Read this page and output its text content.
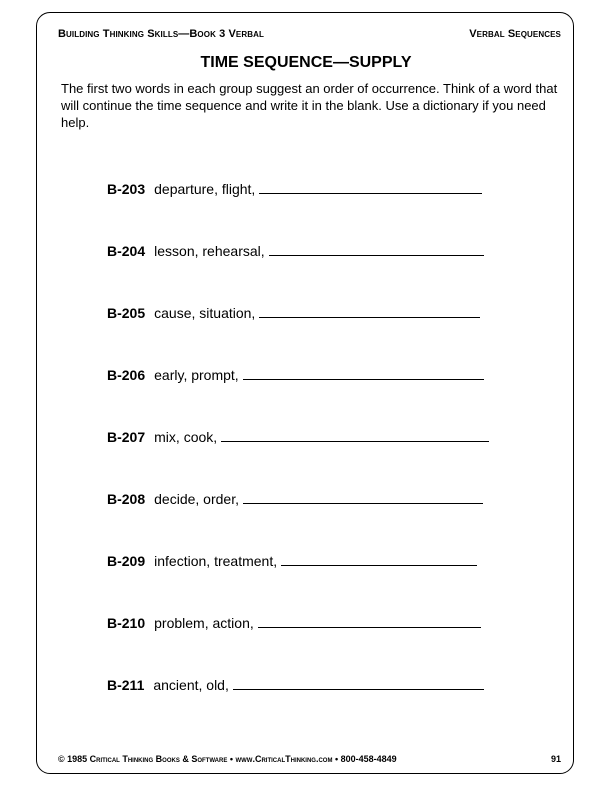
Building Thinking Skills—Book 3 Verbal	Verbal Sequences
TIME SEQUENCE—SUPPLY
The first two words in each group suggest an order of occurrence. Think of a word that will continue the time sequence and write it in the blank. Use a dictionary if you need help.
B-203 departure, flight,
B-204 lesson, rehearsal,
B-205 cause, situation,
B-206 early, prompt,
B-207 mix, cook,
B-208 decide, order,
B-209 infection, treatment,
B-210 problem, action,
B-211 ancient, old,
© 1985 Critical Thinking Books & Software • www.CriticalThinking.com • 800-458-4849	91
